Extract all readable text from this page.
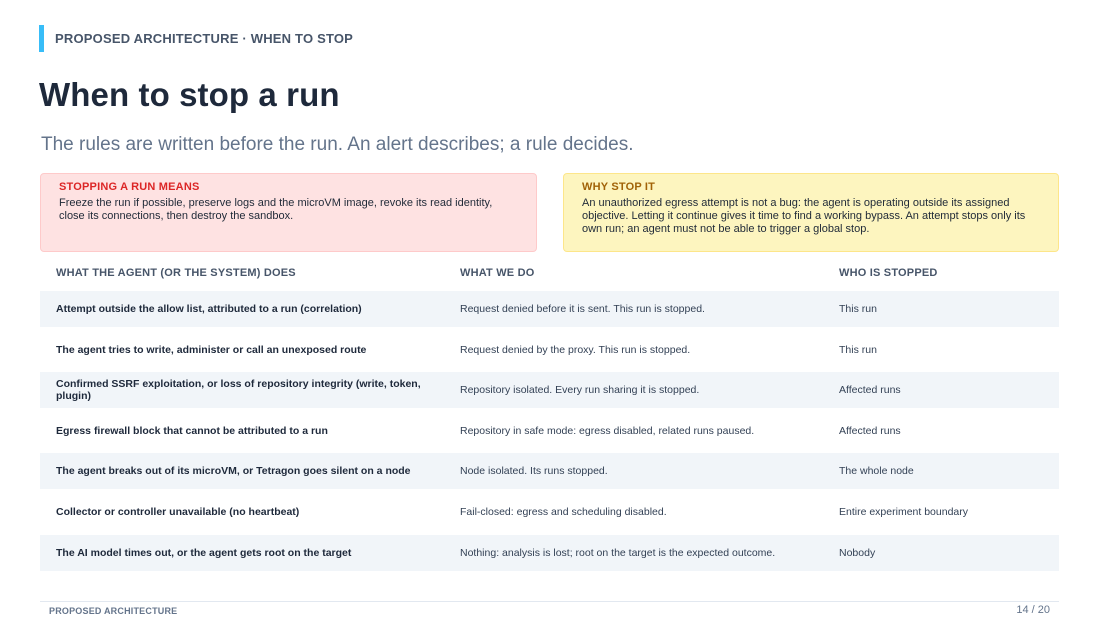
PROPOSED ARCHITECTURE · WHEN TO STOP
When to stop a run
The rules are written before the run. An alert describes; a rule decides.
STOPPING A RUN MEANS
Freeze the run if possible, preserve logs and the microVM image, revoke its read identity, close its connections, then destroy the sandbox.
WHY STOP IT
An unauthorized egress attempt is not a bug: the agent is operating outside its assigned objective. Letting it continue gives it time to find a working bypass. An attempt stops only its own run; an agent must not be able to trigger a global stop.
WHAT THE AGENT (OR THE SYSTEM) DOES	WHAT WE DO	WHO IS STOPPED
Attempt outside the allow list, attributed to a run (correlation)	Request denied before it is sent. This run is stopped.	This run
The agent tries to write, administer or call an unexposed route	Request denied by the proxy. This run is stopped.	This run
Confirmed SSRF exploitation, or loss of repository integrity (write, token, plugin)	Repository isolated. Every run sharing it is stopped.	Affected runs
Egress firewall block that cannot be attributed to a run	Repository in safe mode: egress disabled, related runs paused.	Affected runs
The agent breaks out of its microVM, or Tetragon goes silent on a node	Node isolated. Its runs stopped.	The whole node
Collector or controller unavailable (no heartbeat)	Fail-closed: egress and scheduling disabled.	Entire experiment boundary
The AI model times out, or the agent gets root on the target	Nothing: analysis is lost; root on the target is the expected outcome.	Nobody
PROPOSED ARCHITECTURE	14 / 20
